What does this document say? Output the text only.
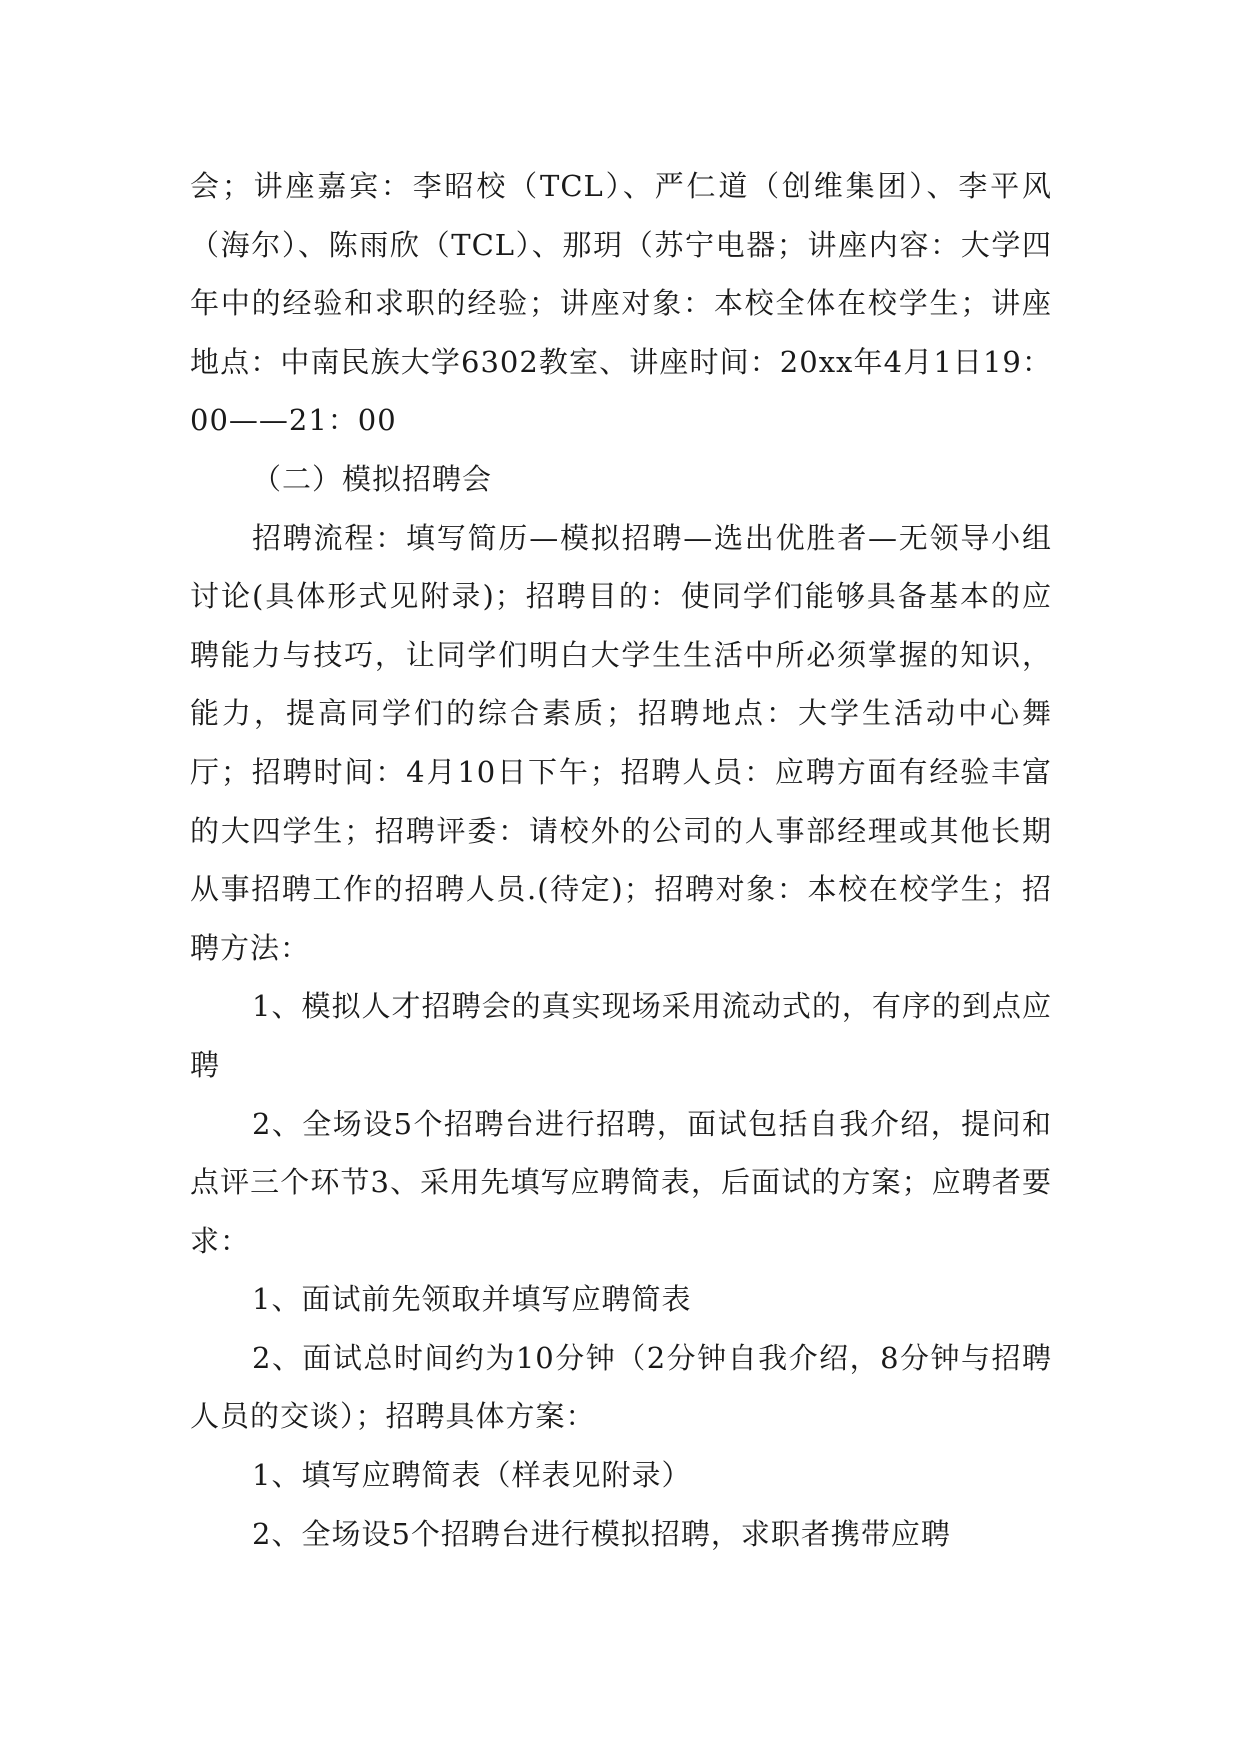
会；讲座嘉宾：李昭校（TCL）、严仁道（创维集团）、李平风（海尔）、陈雨欣（TCL）、那玥（苏宁电器；讲座内容：大学四年中的经验和求职的经验；讲座对象：本校全体在校学生；讲座地点：中南民族大学6302教室、讲座时间：20xx年4月1日19：00——21：00

（二）模拟招聘会

招聘流程：填写简历—模拟招聘—选出优胜者—无领导小组讨论(具体形式见附录)；招聘目的：使同学们能够具备基本的应聘能力与技巧，让同学们明白大学生生活中所必须掌握的知识，能力，提高同学们的综合素质；招聘地点：大学生活动中心舞厅；招聘时间：4月10日下午；招聘人员：应聘方面有经验丰富的大四学生；招聘评委：请校外的公司的人事部经理或其他长期从事招聘工作的招聘人员.(待定)；招聘对象：本校在校学生；招聘方法：

1、模拟人才招聘会的真实现场采用流动式的，有序的到点应聘

2、全场设5个招聘台进行招聘，面试包括自我介绍，提问和点评三个环节3、采用先填写应聘简表，后面试的方案；应聘者要求：

1、面试前先领取并填写应聘简表

2、面试总时间约为10分钟（2分钟自我介绍，8分钟与招聘人员的交谈）；招聘具体方案：

1、填写应聘简表（样表见附录）

2、全场设5个招聘台进行模拟招聘，求职者携带应聘
